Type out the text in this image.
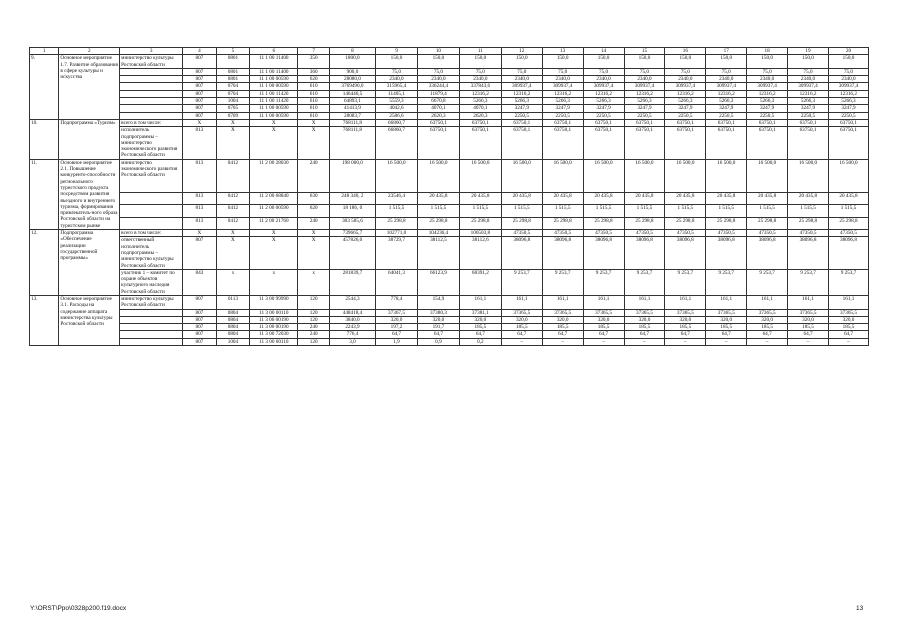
1	2	3	4	5	6	7	8	9	10	11	12	13	14	15	16	17	18	19	20
9.	Основное мероприятие 1.7. Развитие образования в сфере культуры и искусства	министерство культуры Ростовской области	807	0801	11 1 00 11400	350	1800,0	150,0	150,0	150,0	150,0	150,0	150,0	150,0	150,0	150,0	150,0	150,0	150,0
			807	0801	11 1 00 11400	360	900,0	75,0	75,0	75,0	75,0	75,0	75,0	75,0	75,0	75,0	75,0	75,0	75,0
			807	0801	11 1 00 00590	620	28080,0	2340,0	2340,0	2340,0	2340,0	2340,0	2340,0	2340,0	2340,0	2340,0	2340,0	2340,0	2340,0
			807	0704	11 1 00 00590	610	3769490,0	315965,4	336244,4	337843,6	309937,4	309937,4	309937,4	309937,4	309937,4	309937,4	309937,4	309937,4	309937,4
			807	0704	11 1 00 11420	610	146446,5	11405,1	11879,4	12316,2	12316,2	12316,2	12316,2	12316,2	12316,2	12316,2	12316,2	12316,2	12316,2
			807	1004	11 1 00 11420	610	64893,1	5559,3	6670,8	5266,3	5266,3	5266,3	5266,3	5266,3	5266,3	5266,3	5266,3	5266,3	5266,3
			807	0705	11 1 00 00590	610	41413,9	4042,6	4070,1	4070,1	3247,9	3247,9	3247,9	3247,9	3247,9	3247,9	3247,9	3247,9	3247,9
			807	0709	11 1 00 00590	610	28083,7	2586,6	2620,3	2620,3	2250,5	2250,5	2250,5	2250,5	2250,5	2250,5	2250,5	2250,5	2250,5
10.	Подпрограмма «Туризм»	всего в том числе:	X	X	X	X	768111,8	66860,7	63750,1	63750,1	63750,1	63750,1	63750,1	63750,1	63750,1	63750,1	63750,1	63750,1	63750,1
		исполнитель подпрограммы – министерство экономического развития Ростовской области	813	X	X	X	768111,8	66860,7	63750,1	63750,1	63750,1	63750,1	63750,1	63750,1	63750,1	63750,1	63750,1	63750,1	63750,1
11.	Основное мероприятие 2.1. Повышение конкуренто-способности регионального туристского продукта посредством развития въездного и внутреннего туризма, формирования привлекатель-ного образа Ростовской области на туристском рынке	министерство экономического развития Ростовской области	813	0412	11 2 00 28030	240	198 000,0	16 500,0	16 500,0	16 500,0	16 500,0	16 500,0	16 500,0	16 500,0	16 500,0	16 500,0	16 500,0	16 500,0	16 500,0
			813	0412	11 2 00 68840	630	248 340, 2	23546,4	20 435,8	20 435,8	20 435,8	20 435,8	20 435,8	20 435,8	20 435,8	20 435,8	20 435,8	20 435,8	20 435,8
			813	0412	11 2 00 00590	620	18 186, 0	1 515,5	1 515,5	1 515,5	1 515,5	1 515,5	1 515,5	1 515,5	1 515,5	1 515,5	1 515,5	1 515,5	1 515,5
			813	0412	11 2 00 21760	240	303 585,6	25 298,8	25 298,8	25 298,8	25 298,8	25 298,8	25 298,8	25 298,8	25 298,8	25 298,8	25 298,8	25 298,8	25 298,8
12.	Подпрограмма «Обеспечение реализации государственной программы»	всего в том числе:	X	X	X	X	739665,7	102771,0	104236,4	106503,8	47350,5	47350,5	47350,5	47350,5	47350,5	47350,5	47350,5	47350,5	47350,5
		ответственный исполнитель подпрограммы – министерство культуры Ростовской области	807	X	X	X	457826,0	38729,7	38112,5	38112,6	38096,8	38096,8	38096,8	38096,8	38096,8	38096,8	38096,8	38096,8	38096,8
		участник 1 – комитет по охране объектов культурного наследия Ростовской области	843	x	x	x	281839,7	64041,3	66123,9	68391,2	9 253,7	9 253,7	9 253,7	9 253,7	9 253,7	9 253,7	9 253,7	9 253,7	9 253,7
13.	Основное мероприятие 3.1. Расходы на содержание аппарата министерства культуры Ростовской области	министерство культуры Ростовской области	807	0113	11 3 00 99990	120	2544,3	778,4	154,9	161,1	161,1	161,1	161,1	161,1	161,1	161,1	161,1	161,1	161,1
			807	0804	11 3 00 00110	120	448418,4	37367,5	37380,3	37381,1	37365,5	37365,5	37365,5	37365,5	37365,5	37365,5	37365,5	37365,5	37365,5
			807	0804	11 3 00 00190	120	3840,0	320,0	320,0	320,0	320,0	320,0	320,0	320,0	320,0	320,0	320,0	320,0	320,0
			807	0804	11 3 00 00190	240	2243,9	197,2	191,7	185,5	185,5	185,5	185,5	185,5	185,5	185,5	185,5	185,5	185,5
			807	0804	11 3 00 72030	240	776,4	64,7	64,7	64,7	64,7	64,7	64,7	64,7	64,7	64,7	64,7	64,7	64,7
			807	1004	11 3 00 00110	120	3,0	1,9	0,9	0,2	–	–	–	–	–	–	–	–	–
Y:\ORST\Ppo\0328p200.f19.docx	13
